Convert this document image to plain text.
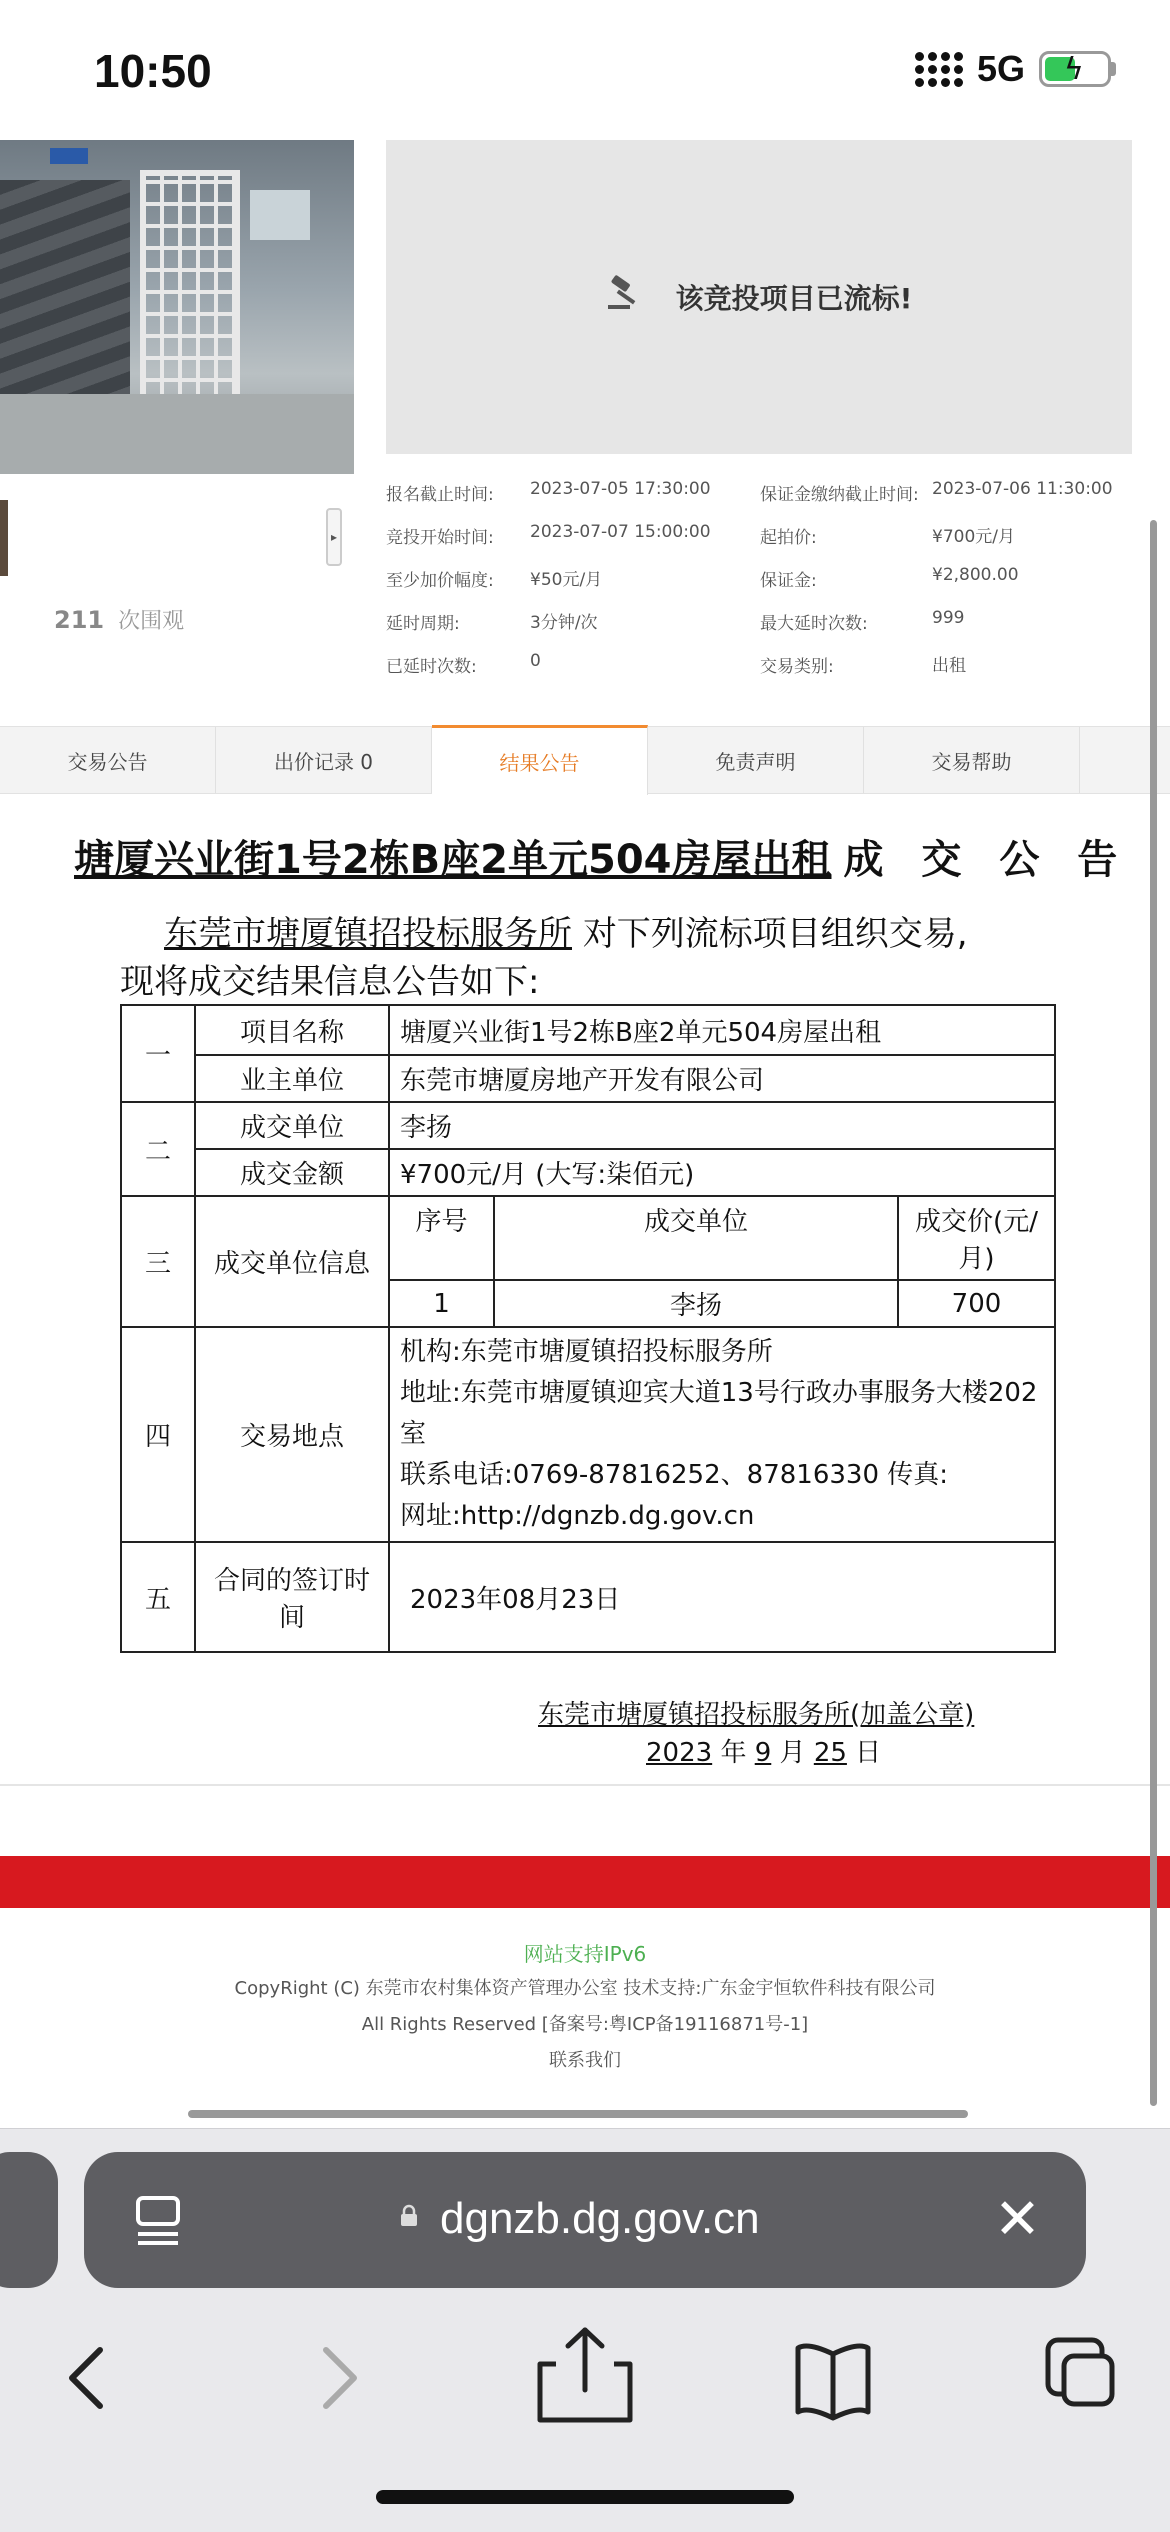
10:50	5G ϟ
▸
211 次围观
该竞投项目已流标!
报名截止时间: 2023-07-05 17:30:00	保证金缴纳截止时间: 2023-07-06 11:30:00
竞投开始时间: 2023-07-07 15:00:00	起拍价:	¥700元/月
至少加价幅度: ¥50元/月	保证金:	¥2,800.00
延时周期:	3分钟/次	最大延时次数:	999
已延时次数:	0	交易类别:	出租
交易公告	出价记录 0	结果公告	免责声明	交易帮助
塘厦兴业街1号2栋B座2单元504房屋出租 成 交 公 告
东莞市塘厦镇招投标服务所 对下列流标项目组织交易,
现将成交结果信息公告如下:
一	项目名称	塘厦兴业街1号2栋B座2单元504房屋出租
业主单位	东莞市塘厦房地产开发有限公司
二	成交单位	李扬
成交金额	¥700元/月 (大写:柒佰元)
三	成交单位信息	
序号	成交单位	成交价(元/月)
1	李扬	700

四	交易地点	
机构:东莞市塘厦镇招投标服务所
地址:东莞市塘厦镇迎宾大道13号行政办事服务大楼202室
联系电话:0769-87816252、87816330 传真:
网址:http://dgnzb.dg.gov.cn

五	合同的签订时间	2023年08月23日
东莞市塘厦镇招投标服务所(加盖公章)
2023 年 9 月 25 日
网站支持IPv6
CopyRight (C) 东莞市农村集体资产管理办公室 技术支持:广东金宇恒软件科技有限公司
All Rights Reserved [备案号:粤ICP备19116871号-1]
联系我们
dgnzb.dg.gov.cn	✕
